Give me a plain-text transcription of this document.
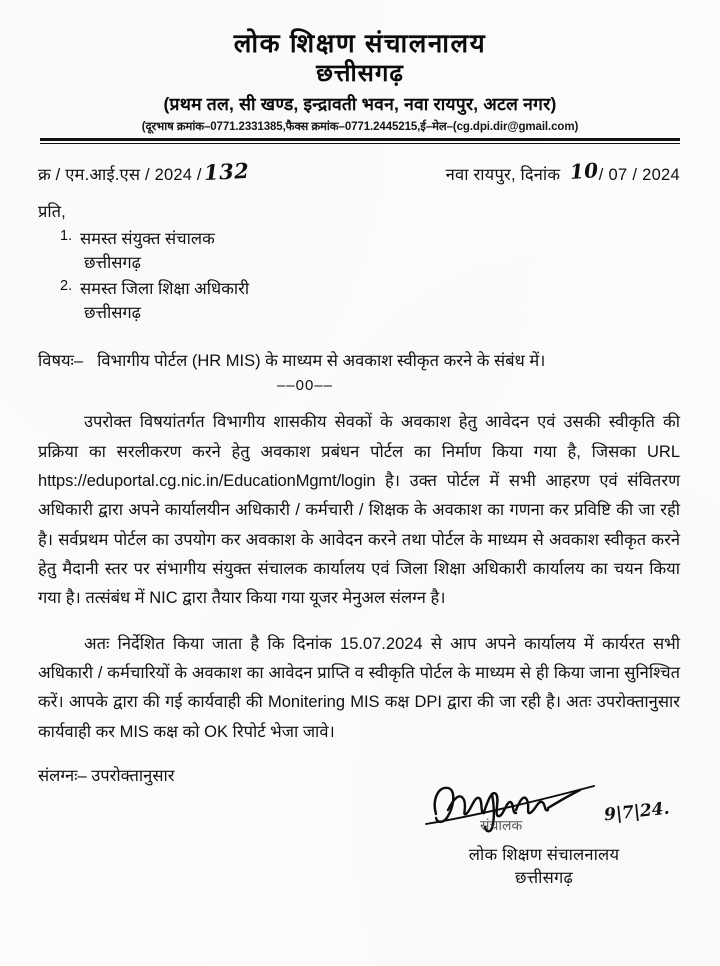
लोक शिक्षण संचालनालय
छत्तीसगढ़
(प्रथम तल, सी खण्ड, इन्द्रावती भवन, नवा रायपुर, अटल नगर)
(दूरभाष क्रमांक–0771.2331385,फैक्स क्रमांक–0771.2445215,ई–मेल–(cg.dpi.dir@gmail.com)
क्र / एम.आई.एस / 2024 / 132	नवा रायपुर, दिनांक 10/ 07 / 2024
प्रति,
1. समस्त संयुक्त संचालक
छत्तीसगढ़
2. समस्त जिला शिक्षा अधिकारी
छत्तीसगढ़
विषयः– विभागीय पोर्टल (HR MIS) के माध्यम से अवकाश स्वीकृत करने के संबंध में।
––00––

उपरोक्त विषयांतर्गत विभागीय शासकीय सेवकों के अवकाश हेतु आवेदन एवं उसकी स्वीकृति की प्रक्रिया का सरलीकरण करने हेतु अवकाश प्रबंधन पोर्टल का निर्माण किया गया है, जिसका URL https://eduportal.cg.nic.in/EducationMgmt/login है। उक्त पोर्टल में सभी आहरण एवं संवितरण अधिकारी द्वारा अपने कार्यालयीन अधिकारी / कर्मचारी / शिक्षक के अवकाश का गणना कर प्रविष्टि की जा रही है। सर्वप्रथम पोर्टल का उपयोग कर अवकाश के आवेदन करने तथा पोर्टल के माध्यम से अवकाश स्वीकृत करने हेतु मैदानी स्तर पर संभागीय संयुक्त संचालक कार्यालय एवं जिला शिक्षा अधिकारी कार्यालय का चयन किया गया है। तत्संबंध में NIC द्वारा तैयार किया गया यूजर मेनुअल संलग्न है।

अतः निर्देशित किया जाता है कि दिनांक 15.07.2024 से आप अपने कार्यालय में कार्यरत सभी अधिकारी / कर्मचारियों के अवकाश का आवेदन प्राप्ति व स्वीकृति पोर्टल के माध्यम से ही किया जाना सुनिश्चित करें। आपके द्वारा की गई कार्यवाही की Monitering MIS कक्ष DPI द्वारा की जा रही है। अतः उपरोक्तानुसार कार्यवाही कर MIS कक्ष को OK रिपोर्ट भेजा जावे।

संलग्नः– उपरोक्तानुसार
9|7|24.
संचालक
लोक शिक्षण संचालनालय
छत्तीसगढ़
